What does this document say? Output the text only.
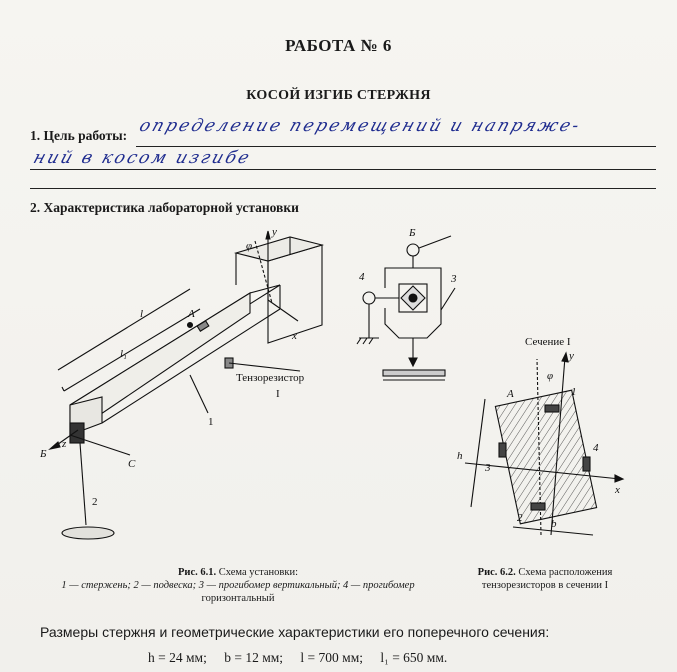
РАБОТА № 6
КОСОЙ ИЗГИБ СТЕРЖНЯ
1. Цель работы: определение перемещений и напряже-
ний в косом изгибе
2. Характеристика лабораторной установки
y
φ
x
z
Б
A
C
l
l₁
1
2
Тензорезистор
I
Б
4	3
Сечение I
y
φ
A
h
b
x
1
2
3
4
Рис. 6.1. Схема установки:
1 — стержень; 2 — подвеска; 3 — прогибомер вертикальный; 4 — прогибомер
горизонтальный
Рис. 6.2. Схема расположения
тензорезисторов в сечении I
Размеры стержня и геометрические характеристики его поперечного сечения:
h = 24 мм; b = 12 мм; l = 700 мм; l₁ = 650 мм.
